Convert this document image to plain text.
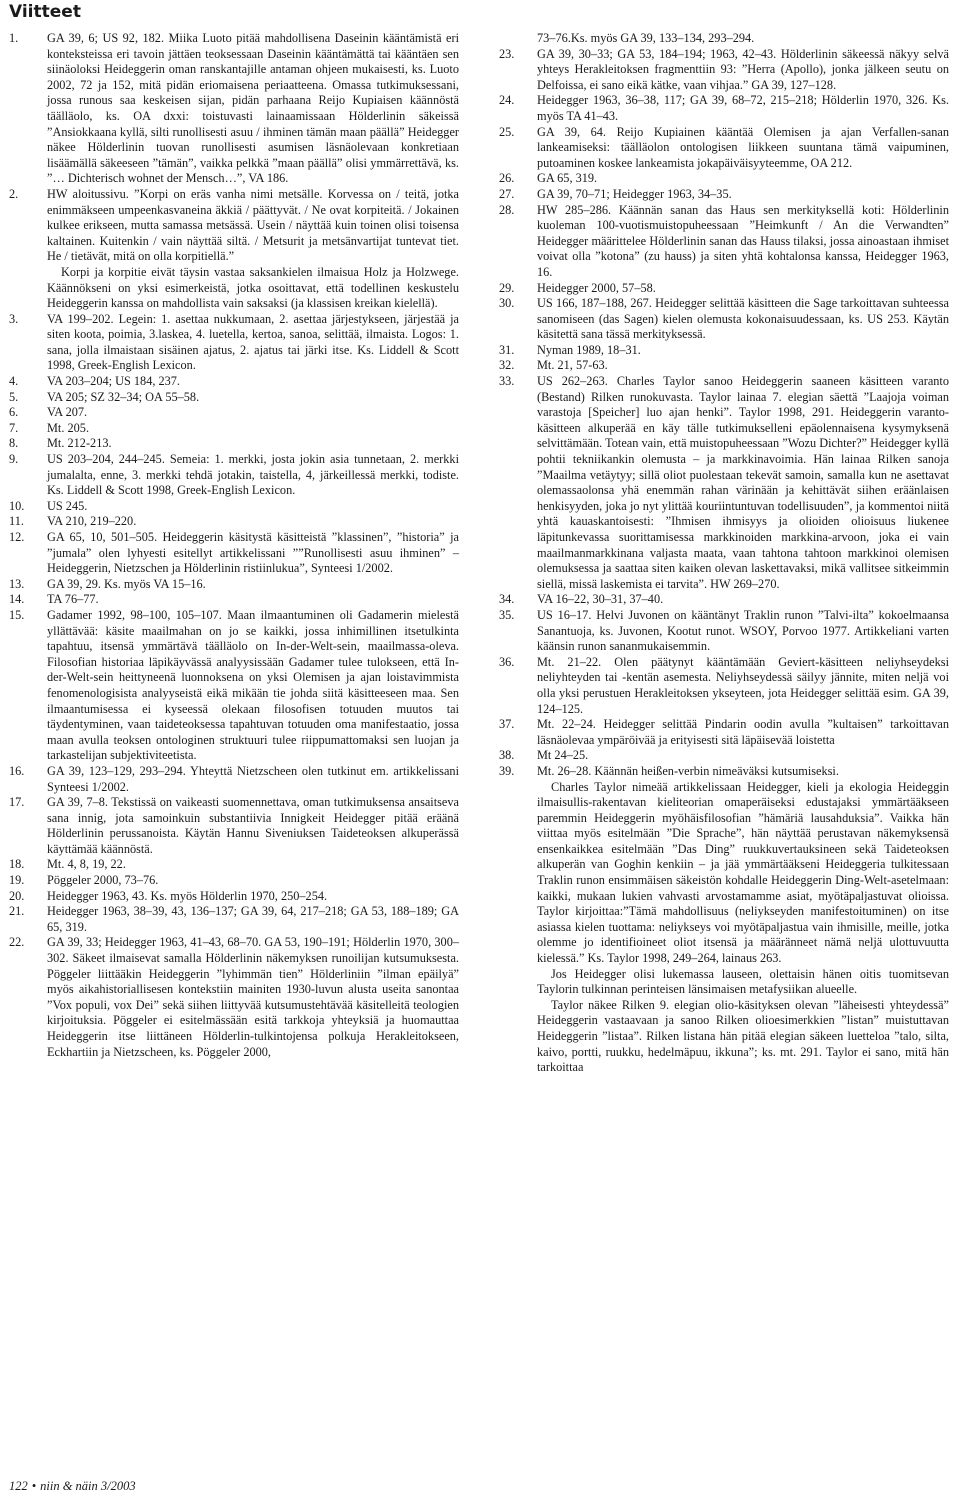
Viitteet
1.	GA 39, 6; US 92, 182. Miika Luoto pitää mahdollisena Daseinin kääntämistä eri konteksteissa eri tavoin jättäen teoksessaan Daseinin kääntämättä tai kääntäen sen siinäoloksi Heideggerin oman ranskantajille antaman ohjeen mukaisesti, ks. Luoto 2002, 72 ja 152, mitä pidän eriomaisena periaatteena. Omassa tutkimuksessani, jossa runous saa keskeisen sijan, pidän parhaana Reijo Kupiaisen käännöstä täälläolo, ks. OA dxxi: toistuvasti lainaamissaan Hölderlinin säkeissä ”Ansiokkaana kyllä, silti runollisesti asuu / ihminen tämän maan päällä” Heidegger näkee Hölderlinin tuovan runollisesti asumisen läsnäolevaan konkretiaan lisäämällä säkeeseen ”tämän”, vaikka pelkkä ”maan päällä” olisi ymmärrettävä, ks. ”… Dichterisch wohnet der Mensch…”, VA 186.
2.	HW aloitussivu. ”Korpi on eräs vanha nimi metsälle. Korvessa on / teitä, jotka enimmäkseen umpeenkasvaneina äkkiä / päättyvät. / Ne ovat korpiteitä. / Jokainen kulkee erikseen, mutta samassa metsässä. Usein / näyttää kuin toinen olisi toisensa kaltainen. Kuitenkin / vain näyttää siltä. / Metsurit ja metsänvartijat tuntevat tiet. He / tietävät, mitä on olla korpitiellä.”
Korpi ja korpitie eivät täysin vastaa saksankielen ilmaisua Holz ja Holzwege. Käännökseni on yksi esimerkeistä, jotka osoittavat, että todellinen keskustelu Heideggerin kanssa on mahdollista vain saksaksi (ja klassisen kreikan kielellä).
3.	VA 199–202. Legein: 1. asettaa nukkumaan, 2. asettaa järjestykseen, järjestää ja siten koota, poimia, 3.laskea, 4. luetella, kertoa, sanoa, selittää, ilmaista. Logos: 1. sana, jolla ilmaistaan sisäinen ajatus, 2. ajatus tai järki itse. Ks. Liddell & Scott 1998, Greek-English Lexicon.
4.	VA 203–204; US 184, 237.
5.	VA 205; SZ 32–34; OA 55–58.
6.	VA 207.
7.	Mt. 205.
8.	Mt. 212-213.
9.	US 203–204, 244–245. Semeia: 1. merkki, josta jokin asia tunnetaan, 2. merkki jumalalta, enne, 3. merkki tehdä jotakin, taistella, 4, järkeillessä merkki, todiste. Ks. Liddell & Scott 1998, Greek-English Lexicon.
10.	US 245.
11.	VA 210, 219–220.
12.	GA 65, 10, 501–505. Heideggerin käsitystä käsitteistä ”klassinen”, ”historia” ja ”jumala” olen lyhyesti esitellyt artikkelissani ””Runollisesti asuu ihminen” – Heideggerin, Nietzschen ja Hölderlinin ristiinlukua”, Synteesi 1/2002.
13.	GA 39, 29. Ks. myös VA 15–16.
14.	TA 76–77.
15.	Gadamer 1992, 98–100, 105–107. Maan ilmaantuminen oli Gadamerin mielestä yllättävää: käsite maailmahan on jo se kaikki, jossa inhimillinen itsetulkinta tapahtuu, itsensä ymmärtävä täälläolo on In-der-Welt-sein, maailmassa-oleva. Filosofian historiaa läpikäyvässä analyysissään Gadamer tulee tulokseen, että In-der-Welt-sein heittyneenä luonnoksena on yksi Olemisen ja ajan loistavimmista fenomenologisista analyyseistä eikä mikään tie johda siitä käsitteeseen maa. Sen ilmaantumisessa ei kyseessä olekaan filosofisen totuuden muutos tai täydentyminen, vaan taideteoksessa tapahtuvan totuuden oma manifestaatio, jossa maan avulla teoksen ontologinen struktuuri tulee riippumattomaksi sen luojan ja tarkastelijan subjektiviteetista.
16.	GA 39, 123–129, 293–294. Yhteyttä Nietzscheen olen tutkinut em. artikkelissani Synteesi 1/2002.
17.	GA 39, 7–8. Tekstissä on vaikeasti suomennettava, oman tutkimuksensa ansaitseva sana innig, jota samoinkuin substantiivia Innigkeit Heidegger pitää eräänä Hölderlinin perussanoista. Käytän Hannu Siveniuksen Taideteoksen alkuperässä käyttämää käännöstä.
18.	Mt. 4, 8, 19, 22.
19.	Pöggeler 2000, 73–76.
20.	Heidegger 1963, 43. Ks. myös Hölderlin 1970, 250–254.
21.	Heidegger 1963, 38–39, 43, 136–137; GA 39, 64, 217–218; GA 53, 188–189; GA 65, 319.
22.	GA 39, 33; Heidegger 1963, 41–43, 68–70. GA 53, 190–191; Hölderlin 1970, 300–302. Säkeet ilmaisevat samalla Hölderlinin näkemyksen runoilijan kutsumuksesta. Pöggeler liittääkin Heideggerin ”lyhimmän tien” Hölderliniin ”ilman epäilyä” myös aikahistoriallisesen kontekstiin mainiten 1930-luvun alusta useita sanontaa ”Vox populi, vox Dei” sekä siihen liittyvää kutsumustehtävää käsitelleitä teologien kirjoituksia. Pöggeler ei esitelmässään esitä tarkkoja yhteyksiä ja huomauttaa Heideggerin itse liittäneen Hölderlin-tulkintojensa polkuja Herakleitokseen, Eckhartiin ja Nietzscheen, ks. Pöggeler 2000,
73–76.Ks. myös GA 39, 133–134, 293–294.
23.	GA 39, 30–33; GA 53, 184–194; 1963, 42–43. Hölderlinin säkeessä näkyy selvä yhteys Herakleitoksen fragmenttiin 93: ”Herra (Apollo), jonka jälkeen seutu on Delfoissa, ei sano eikä kätke, vaan vihjaa.” GA 39, 127–128.
24.	Heidegger 1963, 36–38, 117; GA 39, 68–72, 215–218; Hölderlin 1970, 326. Ks. myös TA 41–43.
25.	GA 39, 64. Reijo Kupiainen kääntää Olemisen ja ajan Verfallen-sanan lankeamiseksi: täälläolon ontologisen liikkeen suuntana tämä vaipuminen, putoaminen koskee lankeamista jokapäiväisyyteemme, OA 212.
26.	GA 65, 319.
27.	GA 39, 70–71; Heidegger 1963, 34–35.
28.	HW 285–286. Käännän sanan das Haus sen merkityksellä koti: Hölderlinin kuoleman 100-vuotismuistopuheessaan ”Heimkunft / An die Verwandten” Heidegger määrittelee Hölderlinin sanan das Hauss tilaksi, jossa ainoastaan ihmiset voivat olla ”kotona” (zu hauss) ja siten yhtä kohtalonsa kanssa, Heidegger 1963, 16.
29.	Heidegger 2000, 57–58.
30.	US 166, 187–188, 267. Heidegger selittää käsitteen die Sage tarkoittavan suhteessa sanomiseen (das Sagen) kielen olemusta kokonaisuudessaan, ks. US 253. Käytän käsitettä sana tässä merkityksessä.
31.	Nyman 1989, 18–31.
32.	Mt. 21, 57-63.
33.	US 262–263. Charles Taylor sanoo Heideggerin saaneen käsitteen varanto (Bestand) Rilken runokuvasta. Taylor lainaa 7. elegian säettä ”Laajoja voiman varastoja [Speicher] luo ajan henki”. Taylor 1998, 291. Heideggerin varanto-käsitteen alkuperää en käy tälle tutkimukselleni epäolennaisena kysymyksenä selvittämään. Totean vain, että muistopuheessaan ”Wozu Dichter?” Heidegger kyllä pohtii tekniikankin olemusta – ja markkinavoimia. Hän lainaa Rilken sanoja ”Maailma vetäytyy; sillä oliot puolestaan tekevät samoin, samalla kun ne asettavat olemassaolonsa yhä enemmän rahan värinään ja kehittävät siihen eräänlaisen henkisyyden, joka jo nyt ylittää kouriintuntuvan todellisuuden”, ja kommentoi niitä yhtä kauaskantoisesti: ”Ihmisen ihmisyys ja olioiden olioisuus liukenee läpitunkevassa suorittamisessa markkinoiden markkina-arvoon, joka ei vain maailmanmarkkinana valjasta maata, vaan tahtona tahtoon markkinoi olemisen olemuksessa ja saattaa siten kaiken olevan laskettavaksi, mikä vallitsee sitkeimmin siellä, missä laskemista ei tarvita”. HW 269–270.
34.	VA 16–22, 30–31, 37–40.
35.	US 16–17. Helvi Juvonen on kääntänyt Traklin runon ”Talvi-ilta” kokoelmaansa Sanantuoja, ks. Juvonen, Kootut runot. WSOY, Porvoo 1977. Artikkeliani varten käänsin runon sananmukaisemmin.
36.	Mt. 21–22. Olen päätynyt kääntämään Geviert-käsitteen neliyhseydeksi neliyhteyden tai -kentän asemesta. Neliyhseydessä säilyy jännite, miten neljä voi olla yksi perustuen Herakleitoksen ykseyteen, jota Heidegger selittää esim. GA 39, 124–125.
37.	Mt. 22–24. Heidegger selittää Pindarin oodin avulla ”kultaisen” tarkoittavan läsnäolevaa ympäröivää ja erityisesti sitä läpäisevää loistetta
38.	Mt 24–25.
39.	Mt. 26–28. Käännän heißen-verbin nimeäväksi kutsumiseksi.
Charles Taylor nimeää artikkelissaan Heidegger, kieli ja ekologia Heideggin ilmaisullis-rakentavan kieliteorian omaperäiseksi edustajaksi ymmärtääkseen paremmin Heideggerin myöhäisfilosofian ”hämäriä lausahduksia”. Vaikka hän viittaa myös esitelmään ”Die Sprache”, hän näyttää perustavan näkemyksensä ensenkaikkea esitelmään ”Das Ding” ruukkuvertauksineen sekä Taideteoksen alkuperän van Goghin kenkiin – ja jää ymmärtääkseni Heideggeria tulkitessaan Traklin runon ensimmäisen säkeistön kohdalle Heideggerin Ding-Welt-asetelmaan: kaikki, mukaan lukien vahvasti arvostamamme asiat, myötäpaljastuvat olioissa. Taylor kirjoittaa:”Tämä mahdollisuus (neliykseyden manifestoituminen) on itse asiassa kielen tuottama: neliykseys voi myötäpaljastua vain ihmisille, meille, jotka olemme jo identifioineet oliot itsensä ja määränneet nämä neljä ulottuvuutta kielessä.” Ks. Taylor 1998, 249–264, lainaus 263.
Jos Heidegger olisi lukemassa lauseen, olettaisin hänen oitis tuomitsevan Taylorin tulkinnan perinteisen länsimaisen metafysiikan alueelle.
Taylor näkee Rilken 9. elegian olio-käsityksen olevan ”läheisesti yhteydessä” Heideggerin vastaavaan ja sanoo Rilken olioesimerkkien ”listan” muistuttavan Heideggerin ”listaa”. Rilken listana hän pitää elegian säkeen luetteloa ”talo, silta, kaivo, portti, ruukku, hedelmäpuu, ikkuna”; ks. mt. 291. Taylor ei sano, mitä hän tarkoittaa
122 • niin & näin 3/2003
